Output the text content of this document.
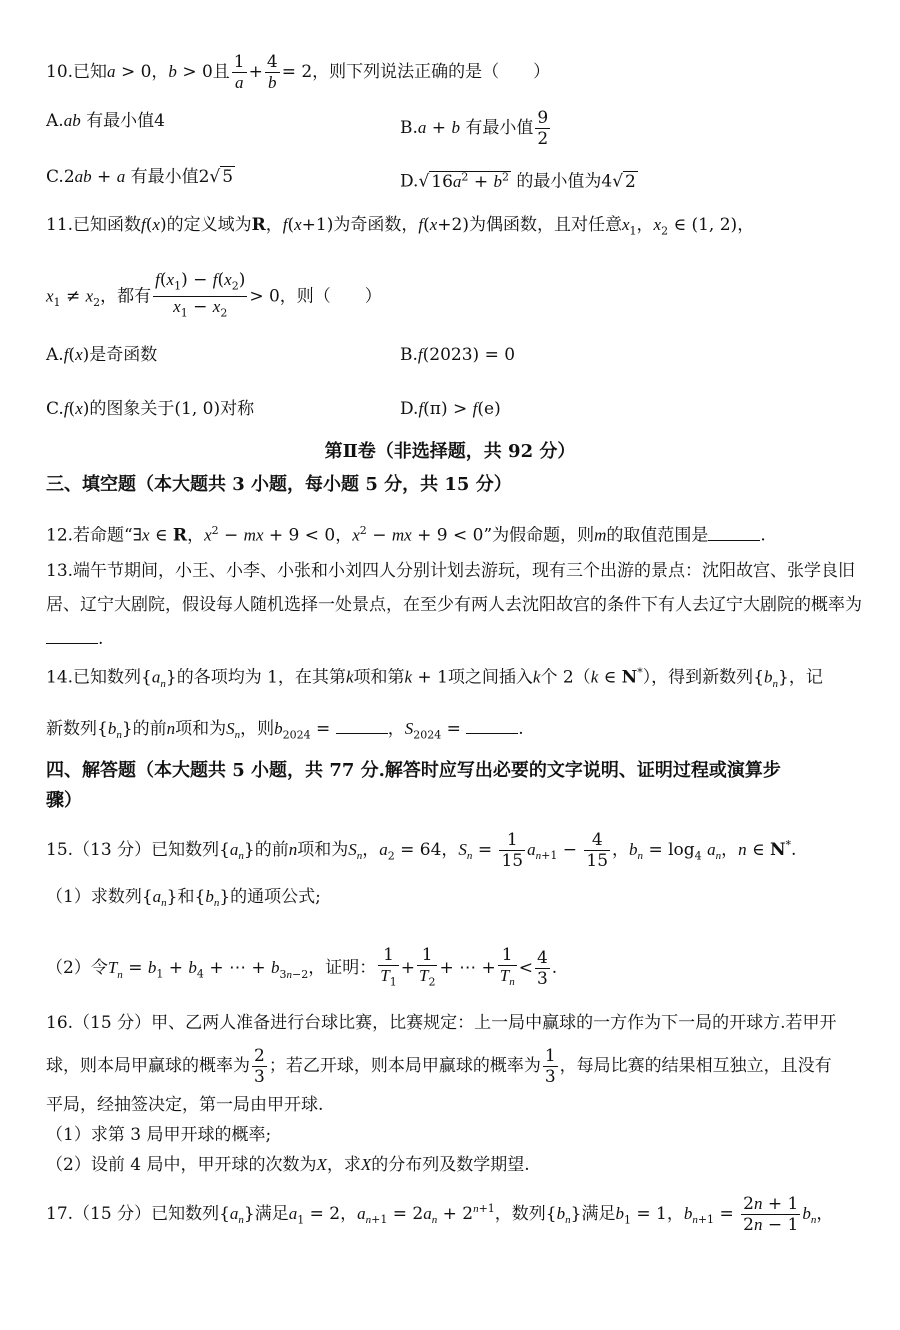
10.已知a > 0，b > 0且 $\frac{1}{a} + \frac{4}{b} = 2$，则下列说法正确的是（　　）
A.ab 有最小值4	B.a + b 有最小值 $\frac{9}{2}$
C.2ab + a 有最小值2√ 5	D.√ $16a^2 + b^2$ 的最小值为4√ 2
11.已知函数f(x)的定义域为R，f(x+1)为奇函数，f(x+2)为偶函数，且对任意$x_1$，$x_2$ ∈ (1, 2)，
$x_1 \ne x_2$，都有 $\frac{f(x_1) - f(x_2)}{x_1 - x_2} > 0$，则（　　）
A.f(x)是奇函数	B.f(2023) = 0
C.f(x)的图象关于(1, 0)对称	D.f(π) > f(e)
第Ⅱ卷（非选择题，共 92 分）
三、填空题（本大题共 3 小题，每小题 5 分，共 15 分）
12.若命题“∃x ∈ R，$x^2$ − mx + 9 < 0，$x^2$ − mx + 9 < 0”为假命题，则m的取值范围是	.
13.端午节期间，小王、小李、小张和小刘四人分别计划去游玩，现有三个出游的景点：沈阳故宫、张学良旧居、辽宁大剧院，假设每人随机选择一处景点，在至少有两人去沈阳故宫的条件下有人去辽宁大剧院的概率为.
14.已知数列$\{a_n\}$的各项均为 1，在其第k项和第k + 1项之间插入k个 2（k ∈ N*），得到新数列$\{b_n\}$，记
新数列$\{b_n\}$的前n项和为$S_n$，则$b_{2024}$ =	，$S_{2024}$ =	.
四、解答题（本大题共 5 小题，共 77 分.解答时应写出必要的文字说明、证明过程或演算步
骤）
15.（13 分）已知数列$\{a_n\}$的前n项和为$S_n$，$a_2 = 64$，$S_n = \frac{1}{15} a_{n+1} - \frac{4}{15}$ ，$b_n = \log_4 a_n$，n ∈ N*.
（1）求数列$\{a_n\}$和$\{b_n\}$的通项公式;
（2）令$T_n = b_1 + b_4$ + ⋯ + $b_{3n-2}$，证明： $\frac{1}{T_1} + \frac{1}{T_2}$ + ⋯ + $\frac{1}{T_n} < \frac{4}{3}$ .
16.（15 分）甲、乙两人准备进行台球比赛，比赛规定：上一局中赢球的一方作为下一局的开球方.若甲开
球，则本局甲赢球的概率为 $\frac{2}{3}$ ；若乙开球，则本局甲赢球的概率为 $\frac{1}{3}$ ，每局比赛的结果相互独立，且没有
平局，经抽签决定，第一局由甲开球.
（1）求第 3 局甲开球的概率;
（2）设前 4 局中，甲开球的次数为X，求X的分布列及数学期望.
17.（15 分）已知数列$\{a_n\}$满足$a_1 = 2$，$a_{n+1} = 2a_n + 2^{n+1}$，数列$\{b_n\}$满足$b_1 = 1$，$b_{n+1} = \frac{2n + 1}{2n - 1} b_n$，
